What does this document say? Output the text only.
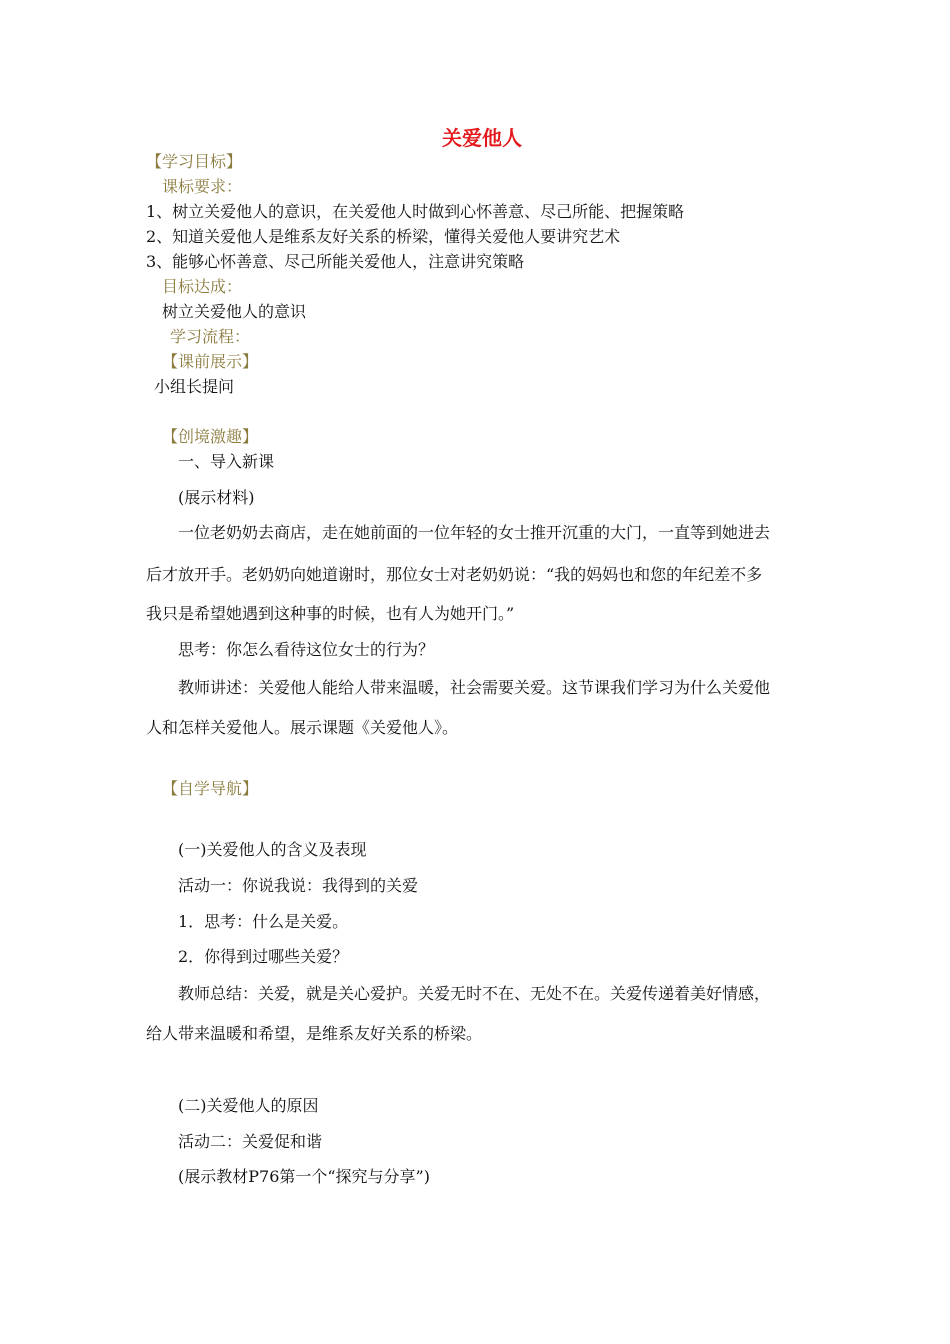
关爱他人
【学习目标】
课标要求：
1、树立关爱他人的意识，在关爱他人时做到心怀善意、尽己所能、把握策略
2、知道关爱他人是维系友好关系的桥梁，懂得关爱他人要讲究艺术
3、能够心怀善意、尽己所能关爱他人，注意讲究策略
目标达成：
树立关爱他人的意识
学习流程：
【课前展示】
小组长提问
【创境激趣】
一、导入新课
(展示材料)
一位老奶奶去商店，走在她前面的一位年轻的女士推开沉重的大门，一直等到她进去
后才放开手。老奶奶向她道谢时，那位女士对老奶奶说：“我的妈妈也和您的年纪差不多
我只是希望她遇到这种事的时候，也有人为她开门。”
思考：你怎么看待这位女士的行为？
教师讲述：关爱他人能给人带来温暖，社会需要关爱。这节课我们学习为什么关爱他
人和怎样关爱他人。展示课题《关爱他人》。
【自学导航】
(一)关爱他人的含义及表现
活动一：你说我说：我得到的关爱
1．思考：什么是关爱。
2．你得到过哪些关爱？
教师总结：关爱，就是关心爱护。关爱无时不在、无处不在。关爱传递着美好情感，
给人带来温暖和希望，是维系友好关系的桥梁。
(二)关爱他人的原因
活动二：关爱促和谐
(展示教材P76第一个“探究与分享”)
